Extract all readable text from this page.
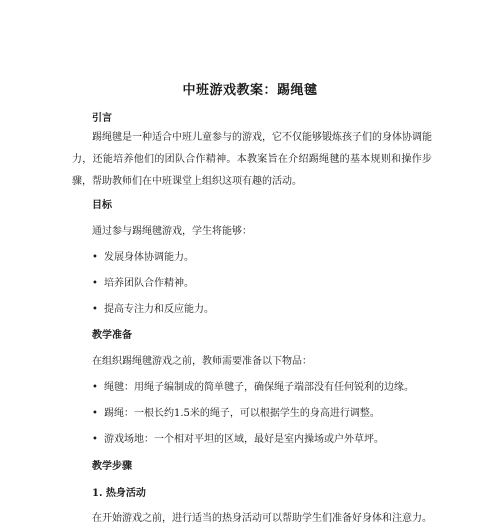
中班游戏教案：踢绳毽
引言
踢绳毽是一种适合中班儿童参与的游戏，它不仅能够锻炼孩子们的身体协调能力，还能培养他们的团队合作精神。本教案旨在介绍踢绳毽的基本规则和操作步骤，帮助教师们在中班课堂上组织这项有趣的活动。
目标
通过参与踢绳毽游戏，学生将能够：
• 发展身体协调能力。
• 培养团队合作精神。
• 提高专注力和反应能力。
教学准备
在组织踢绳毽游戏之前，教师需要准备以下物品：
• 绳毽：用绳子编制成的简单毽子，确保绳子端部没有任何锐利的边缘。
• 踢绳：一根长约1.5米的绳子，可以根据学生的身高进行调整。
• 游戏场地：一个相对平坦的区域，最好是室内操场或户外草坪。
教学步骤
1. 热身活动
在开始游戏之前，进行适当的热身活动可以帮助学生们准备好身体和注意力。
